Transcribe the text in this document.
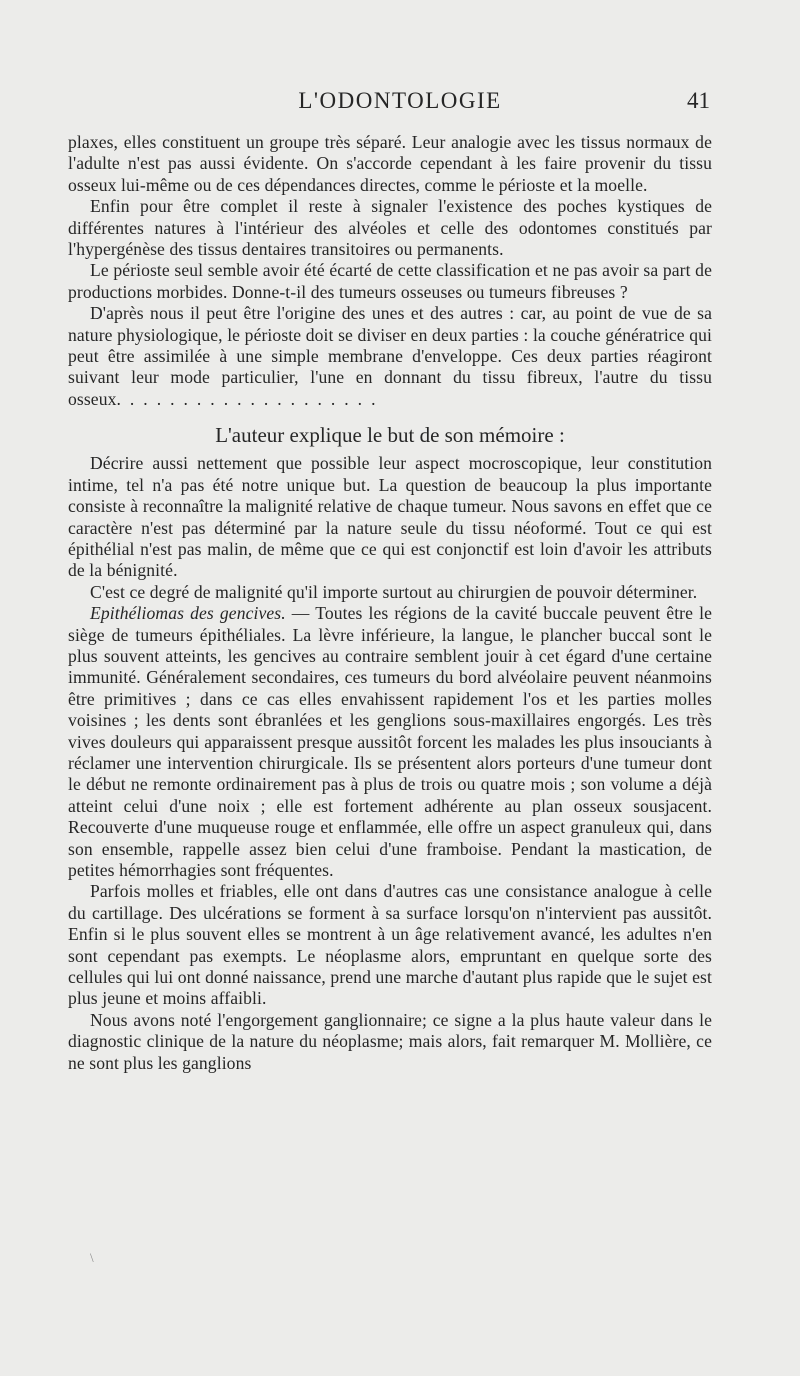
L'ODONTOLOGIE	41

plaxes, elles constituent un groupe très séparé. Leur analogie avec les tissus normaux de l'adulte n'est pas aussi évidente. On s'accorde cependant à les faire provenir du tissu osseux lui-même ou de ces dépendances directes, comme le périoste et la moelle.

Enfin pour être complet il reste à signaler l'existence des poches kystiques de différentes natures à l'intérieur des alvéoles et celle des odontomes constitués par l'hypergénèse des tissus dentaires transitoires ou permanents.

Le périoste seul semble avoir été écarté de cette classification et ne pas avoir sa part de productions morbides. Donne-t-il des tumeurs osseuses ou tumeurs fibreuses ?

D'après nous il peut être l'origine des unes et des autres : car, au point de vue de sa nature physiologique, le périoste doit se diviser en deux parties : la couche génératrice qui peut être assimilée à une simple membrane d'enveloppe. Ces deux parties réagiront suivant leur mode particulier, l'une en donnant du tissu fibreux, l'autre du tissu osseux....................

L'auteur explique le but de son mémoire :

Décrire aussi nettement que possible leur aspect mocroscopique, leur constitution intime, tel n'a pas été notre unique but. La question de beaucoup la plus importante consiste à reconnaître la malignité relative de chaque tumeur. Nous savons en effet que ce caractère n'est pas déterminé par la nature seule du tissu néoformé. Tout ce qui est épithélial n'est pas malin, de même que ce qui est conjonctif est loin d'avoir les attributs de la bénignité.

C'est ce degré de malignité qu'il importe surtout au chirurgien de pouvoir déterminer.

Epithéliomas des gencives. — Toutes les régions de la cavité buccale peuvent être le siège de tumeurs épithéliales. La lèvre inférieure, la langue, le plancher buccal sont le plus souvent atteints, les gencives au contraire semblent jouir à cet égard d'une certaine immunité. Généralement secondaires, ces tumeurs du bord alvéolaire peuvent néanmoins être primitives ; dans ce cas elles envahissent rapidement l'os et les parties molles voisines ; les dents sont ébranlées et les genglions sous-maxillaires engorgés. Les très vives douleurs qui apparaissent presque aussitôt forcent les malades les plus insouciants à réclamer une intervention chirurgicale. Ils se présentent alors porteurs d'une tumeur dont le début ne remonte ordinairement pas à plus de trois ou quatre mois ; son volume a déjà atteint celui d'une noix ; elle est fortement adhérente au plan osseux sousjacent. Recouverte d'une muqueuse rouge et enflammée, elle offre un aspect granuleux qui, dans son ensemble, rappelle assez bien celui d'une framboise. Pendant la mastication, de petites hémorrhagies sont fréquentes.

Parfois molles et friables, elle ont dans d'autres cas une consistance analogue à celle du cartillage. Des ulcérations se forment à sa surface lorsqu'on n'intervient pas aussitôt. Enfin si le plus souvent elles se montrent à un âge relativement avancé, les adultes n'en sont cependant pas exempts. Le néoplasme alors, empruntant en quelque sorte des cellules qui lui ont donné naissance, prend une marche d'autant plus rapide que le sujet est plus jeune et moins affaibli.

Nous avons noté l'engorgement ganglionnaire; ce signe a la plus haute valeur dans le diagnostic clinique de la nature du néoplasme; mais alors, fait remarquer M. Mollière, ce ne sont plus les ganglions

\
